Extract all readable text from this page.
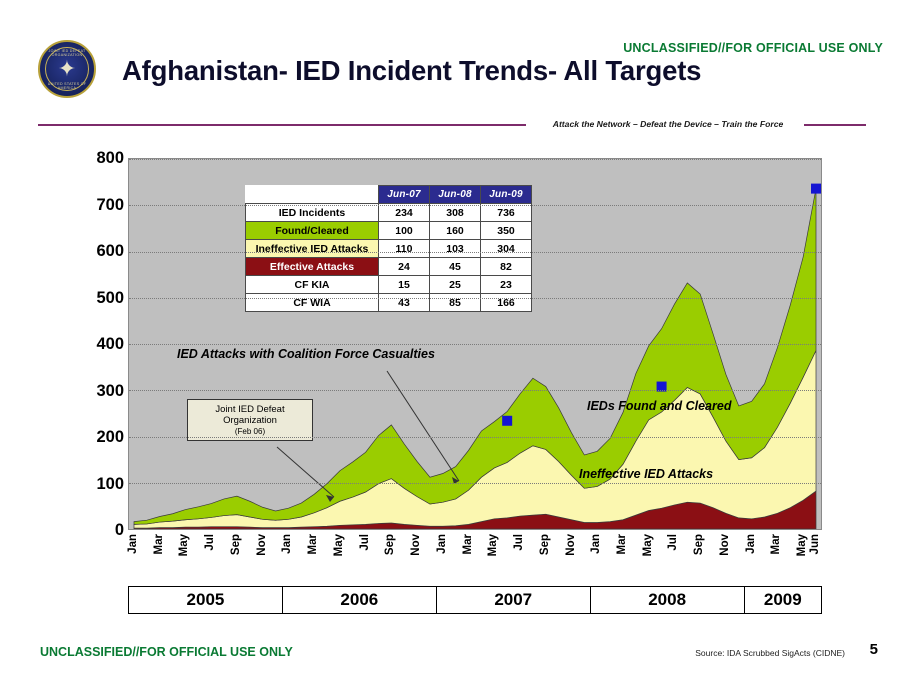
UNCLASSIFIED//FOR OFFICIAL USE ONLY
JOINT IED DEFEAT ORGANIZATION
✦
UNITED STATES OF AMERICA
Afghanistan- IED Incident Trends- All Targets
Attack the Network – Defeat the Device – Train the Force
0
100
200
300
400
500
600
700
800
	Jun-07	Jun-08	Jun-09
IED Incidents	234	308	736
Found/Cleared	100	160	350
Ineffective IED Attacks	110	103	304
Effective Attacks	24	45	82
CF KIA	15	25	23
CF WIA	43	85	166
IED Attacks with Coalition Force Casualties
IEDs Found and Cleared
Ineffective IED Attacks
Joint IED Defeat
Organization
(Feb 06)
Jan Mar May Jul Sep Nov Jan Mar May Jul Sep Nov Jan Mar May Jul Sep Nov Jan Mar May Jul Sep Nov Jan Mar May Jun
2005	2006	2007	2008	2009
UNCLASSIFIED//FOR OFFICIAL USE ONLY	Source: IDA Scrubbed SigActs (CIDNE) 5
